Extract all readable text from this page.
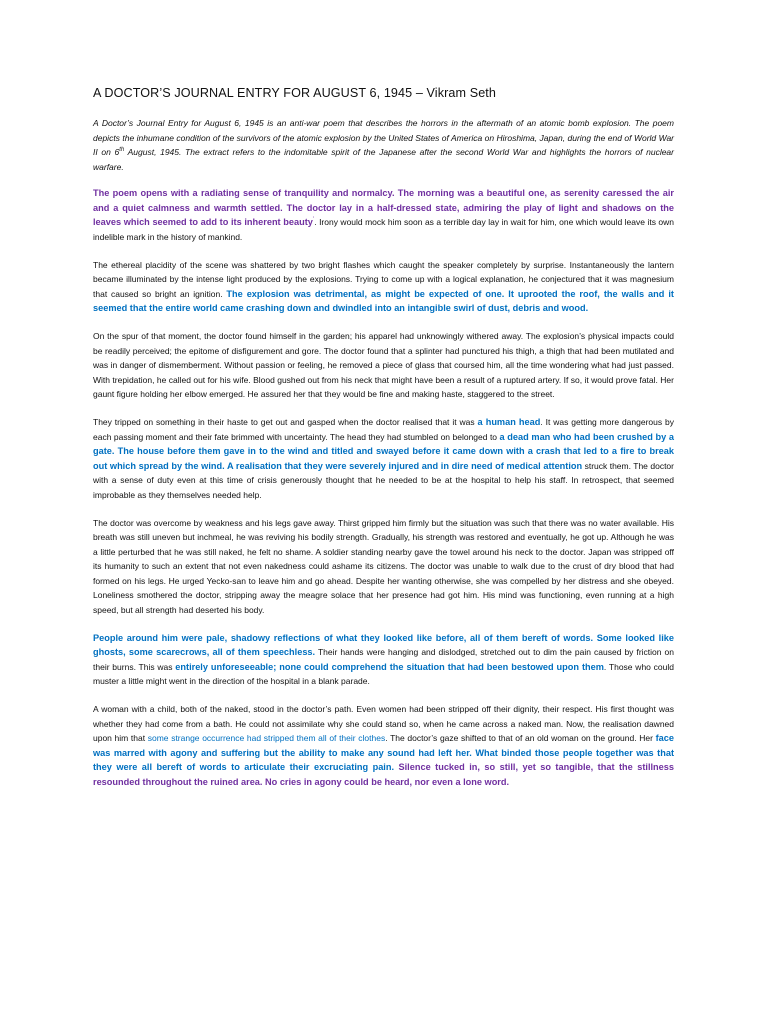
A DOCTOR’S JOURNAL ENTRY FOR AUGUST 6, 1945 – Vikram Seth

A Doctor’s Journal Entry for August 6, 1945 is an anti-war poem that describes the horrors in the aftermath of an atomic bomb explosion. The poem depicts the inhumane condition of the survivors of the atomic explosion by the United States of America on Hiroshima, Japan, during the end of World War II on 6th August, 1945. The extract refers to the indomitable spirit of the Japanese after the second World War and highlights the horrors of nuclear warfare.

The poem opens with a radiating sense of tranquility and normalcy. The morning was a beautiful one, as serenity caressed the air and a quiet calmness and warmth settled. The doctor lay in a half-dressed state, admiring the play of light and shadows on the leaves which seemed to add to its inherent beauty’. Irony would mock him soon as a terrible day lay in wait for him, one which would leave its own indelible mark in the history of mankind.

The ethereal placidity of the scene was shattered by two bright flashes which caught the speaker completely by surprise. Instantaneously the lantern became illuminated by the intense light produced by the explosions. Trying to come up with a logical explanation, he conjectured that it was magnesium that caused so bright an ignition. The explosion was detrimental, as might be expected of one. It uprooted the roof, the walls and it seemed that the entire world came crashing down and dwindled into an intangible swirl of dust, debris and wood.

On the spur of that moment, the doctor found himself in the garden; his apparel had unknowingly withered away. The explosion’s physical impacts could be readily perceived; the epitome of disfigurement and gore. The doctor found that a splinter had punctured his thigh, a thigh that had been mutilated and was in danger of dismemberment. Without passion or feeling, he removed a piece of glass that coursed him, all the time wondering what had just passed. With trepidation, he called out for his wife. Blood gushed out from his neck that might have been a result of a ruptured artery. If so, it would prove fatal. Her gaunt figure holding her elbow emerged. He assured her that they would be fine and making haste, staggered to the street.

They tripped on something in their haste to get out and gasped when the doctor realised that it was a human head. It was getting more dangerous by each passing moment and their fate brimmed with uncertainty. The head they had stumbled on belonged to a dead man who had been crushed by a gate. The house before them gave in to the wind and titled and swayed before it came down with a crash that led to a fire to break out which spread by the wind. A realisation that they were severely injured and in dire need of medical attention struck them. The doctor with a sense of duty even at this time of crisis generously thought that he needed to be at the hospital to help his staff. In retrospect, that seemed improbable as they themselves needed help.

The doctor was overcome by weakness and his legs gave away. Thirst gripped him firmly but the situation was such that there was no water available. His breath was still uneven but inchmeal, he was reviving his bodily strength. Gradually, his strength was restored and eventually, he got up. Although he was a little perturbed that he was still naked, he felt no shame. A soldier standing nearby gave the towel around his neck to the doctor. Japan was stripped off its humanity to such an extent that not even nakedness could ashame its citizens. The doctor was unable to walk due to the crust of dry blood that had formed on his legs. He urged Yecko-san to leave him and go ahead. Despite her wanting otherwise, she was compelled by her distress and she obeyed. Loneliness smothered the doctor, stripping away the meagre solace that her presence had got him. His mind was functioning, even running at a high speed, but all strength had deserted his body.

People around him were pale, shadowy reflections of what they looked like before, all of them bereft of words. Some looked like ghosts, some scarecrows, all of them speechless. Their hands were hanging and dislodged, stretched out to dim the pain caused by friction on their burns. This was entirely unforeseeable; none could comprehend the situation that had been bestowed upon them. Those who could muster a little might went in the direction of the hospital in a blank parade.

A woman with a child, both of the naked, stood in the doctor’s path. Even women had been stripped off their dignity, their respect. His first thought was whether they had come from a bath. He could not assimilate why she could stand so, when he came across a naked man. Now, the realisation dawned upon him that some strange occurrence had stripped them all of their clothes. The doctor’s gaze shifted to that of an old woman on the ground. Her face was marred with agony and suffering but the ability to make any sound had left her. What binded those people together was that they were all bereft of words to articulate their excruciating pain. Silence tucked in, so still, yet so tangible, that the stillness resounded throughout the ruined area. No cries in agony could be heard, nor even a lone word.
